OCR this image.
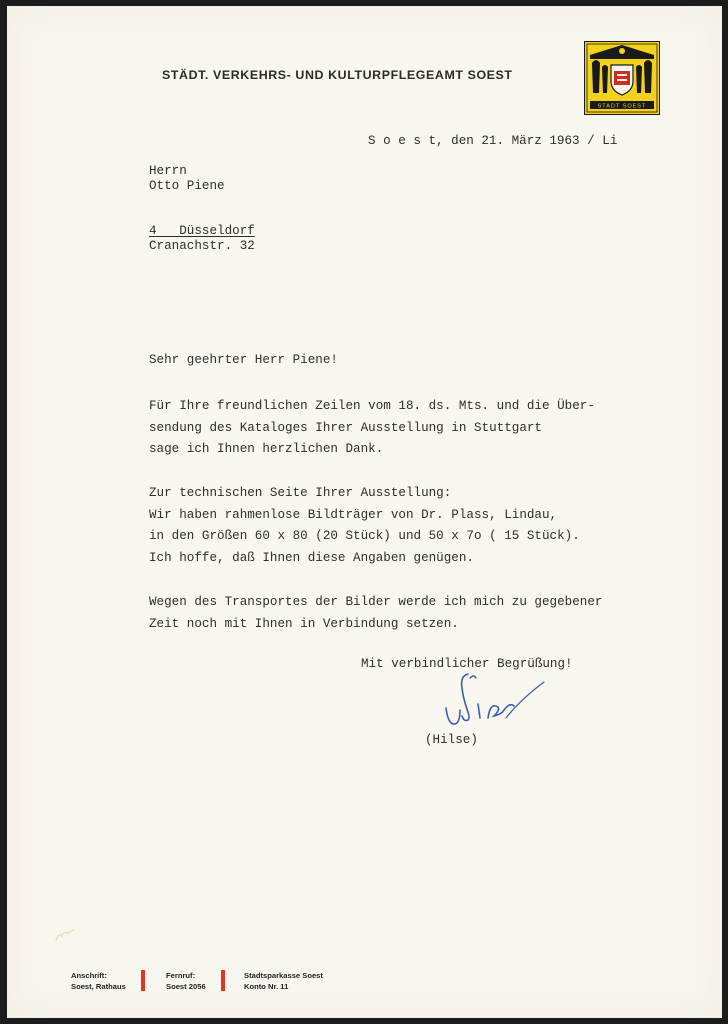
STÄDT. VERKEHRS- UND KULTURPFLEGEAMT SOEST
STADT SOEST
S o e s t, den 21. März 1963 / Li
Herrn
Otto Piene

4   Düsseldorf
Cranachstr. 32
Sehr geehrter Herr Piene!
Für Ihre freundlichen Zeilen vom 18. ds. Mts. und die Über-
sendung des Kataloges Ihrer Ausstellung in Stuttgart
sage ich Ihnen herzlichen Dank.
Zur technischen Seite Ihrer Ausstellung:
Wir haben rahmenlose Bildträger von Dr. Plass, Lindau,
in den Größen 60 x 80 (20 Stück) und 50 x 7o ( 15 Stück).
Ich hoffe, daß Ihnen diese Angaben genügen.
Wegen des Transportes der Bilder werde ich mich zu gegebener
Zeit noch mit Ihnen in Verbindung setzen.
Mit verbindlicher Begrüßung!
(Hilse)
Anschrift:
Soest, Rathaus
Fernruf:
Soest 2056
Stadtsparkasse Soest
Konto Nr. 11
